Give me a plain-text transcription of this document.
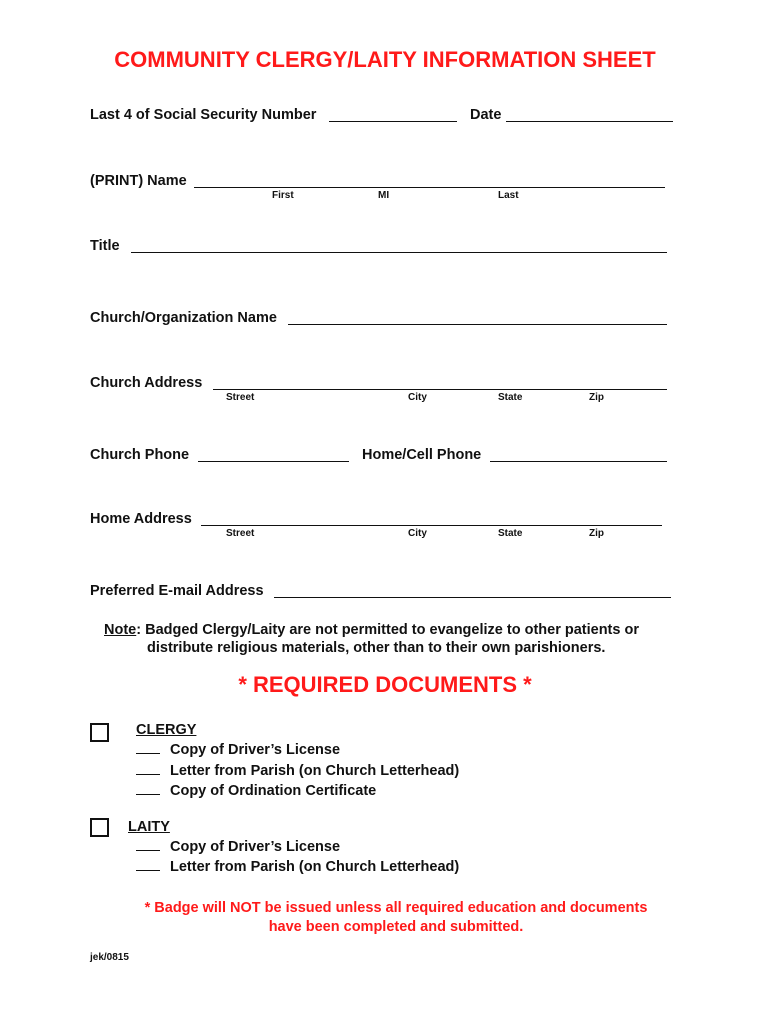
COMMUNITY CLERGY/LAITY INFORMATION SHEET
Last 4 of Social Security Number	Date
(PRINT) Name
First	MI	Last
Title
Church/Organization Name
Church Address
Street	City	State	Zip
Church Phone	Home/Cell Phone
Home Address
Street	City	State	Zip
Preferred E-mail Address
Note: Badged Clergy/Laity are not permitted to evangelize to other patients or
distribute religious materials, other than to their own parishioners.
* REQUIRED DOCUMENTS *
CLERGY
Copy of Driver’s License
Letter from Parish (on Church Letterhead)
Copy of Ordination Certificate
LAITY
Copy of Driver’s License
Letter from Parish (on Church Letterhead)
* Badge will NOT be issued unless all required education and documents
have been completed and submitted.
jek/0815
